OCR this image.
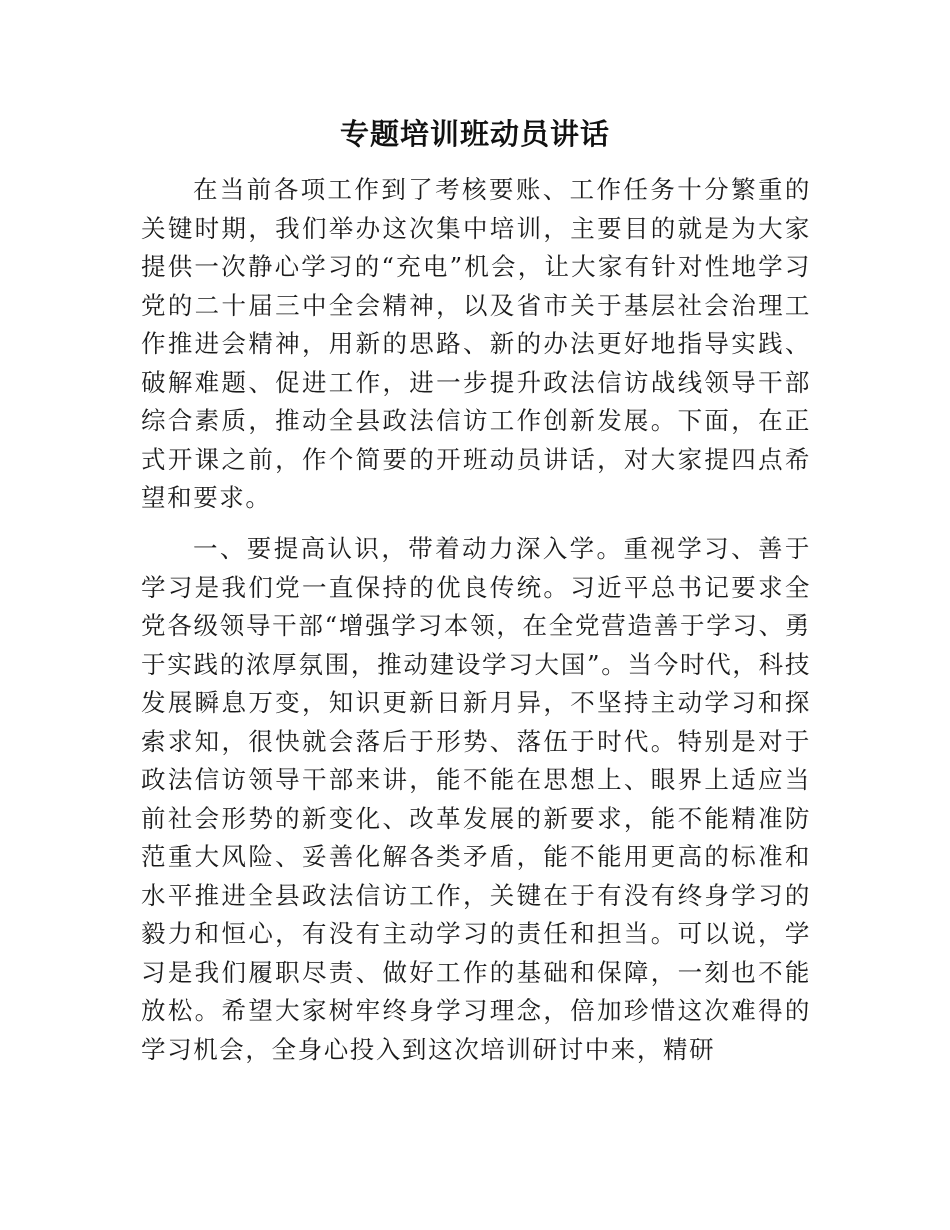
专题培训班动员讲话

在当前各项工作到了考核要账、工作任务十分繁重的关键时期，我们举办这次集中培训，主要目的就是为大家提供一次静心学习的“充电”机会，让大家有针对性地学习党的二十届三中全会精神，以及省市关于基层社会治理工作推进会精神，用新的思路、新的办法更好地指导实践、破解难题、促进工作，进一步提升政法信访战线领导干部综合素质，推动全县政法信访工作创新发展。下面，在正式开课之前，作个简要的开班动员讲话，对大家提四点希望和要求。

一、要提高认识，带着动力深入学。重视学习、善于学习是我们党一直保持的优良传统。习近平总书记要求全党各级领导干部“增强学习本领，在全党营造善于学习、勇于实践的浓厚氛围，推动建设学习大国”。当今时代，科技发展瞬息万变，知识更新日新月异，不坚持主动学习和探索求知，很快就会落后于形势、落伍于时代。特别是对于政法信访领导干部来讲，能不能在思想上、眼界上适应当前社会形势的新变化、改革发展的新要求，能不能精准防范重大风险、妥善化解各类矛盾，能不能用更高的标准和水平推进全县政法信访工作，关键在于有没有终身学习的毅力和恒心，有没有主动学习的责任和担当。可以说，学习是我们履职尽责、做好工作的基础和保障，一刻也不能放松。希望大家树牢终身学习理念，倍加珍惜这次难得的学习机会，全身心投入到这次培训研讨中来，精研
